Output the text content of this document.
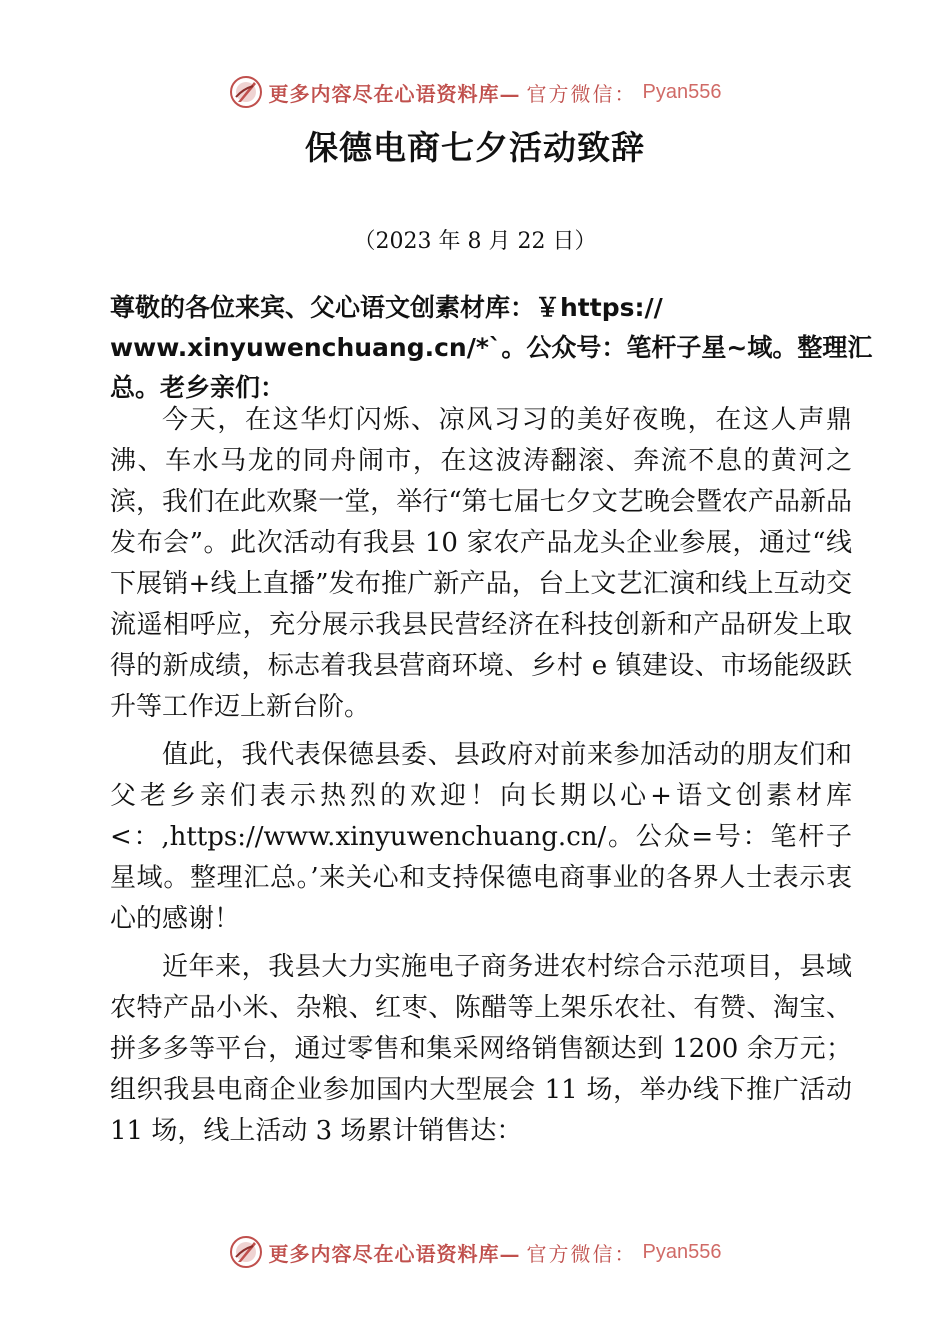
更多内容尽在心语资料库— 官方微信： Pyan556
保德电商七夕活动致辞
（2023 年 8 月 22 日）
尊敬的各位来宾、父心语文创素材库：￥https:// www.xinyuwenchuang.cn/*`。公众号：笔杆子星~域。整理汇总。老乡亲们：

今天，在这华灯闪烁、凉风习习的美好夜晚，在这人声鼎沸、车水马龙的同舟闹市，在这波涛翻滚、奔流不息的黄河之滨，我们在此欢聚一堂，举行“第七届七夕文艺晚会暨农产品新品发布会”。此次活动有我县 10 家农产品龙头企业参展，通过“线下展销+线上直播”发布推广新产品，台上文艺汇演和线上互动交流遥相呼应，充分展示我县民营经济在科技创新和产品研发上取得的新成绩，标志着我县营商环境、乡村 e 镇建设、市场能级跃升等工作迈上新台阶。

值此，我代表保德县委、县政府对前来参加活动的朋友们和父老乡亲们表示热烈的欢迎！向长期以心+语文创素材库<：,https://www.xinyuwenchuang.cn/。公众=号：笔杆子星域。整理汇总。’来关心和支持保德电商事业的各界人士表示衷心的感谢！

近年来，我县大力实施电子商务进农村综合示范项目，县域农特产品小米、杂粮、红枣、陈醋等上架乐农社、有赞、淘宝、拼多多等平台，通过零售和集采网络销售额达到 1200 余万元；组织我县电商企业参加国内大型展会 11 场，举办线下推广活动 11 场，线上活动 3 场累计销售达：

更多内容尽在心语资料库— 官方微信： Pyan556
